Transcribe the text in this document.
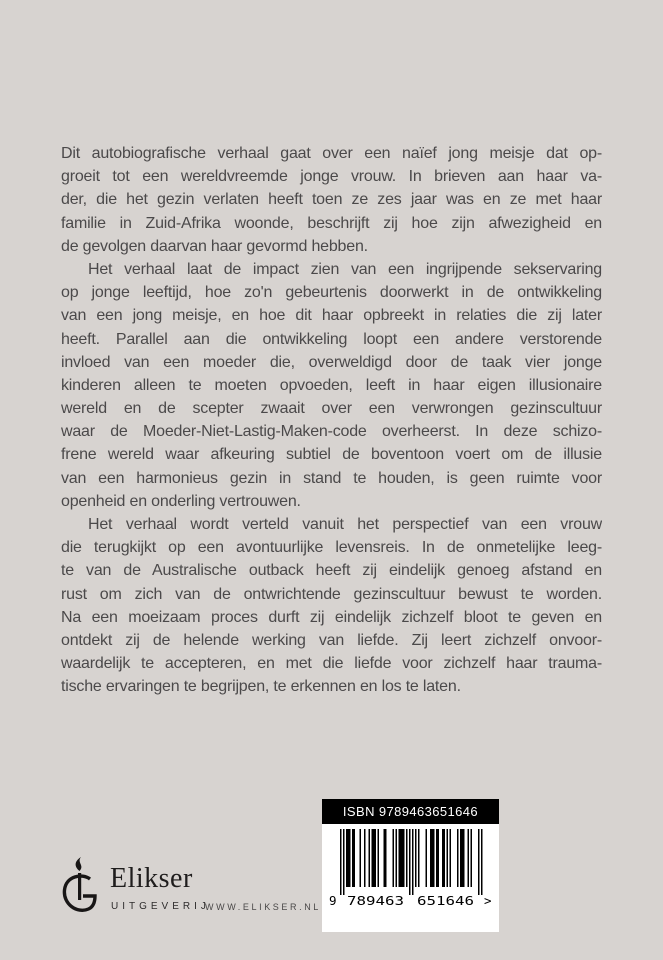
Dit autobiografische verhaal gaat over een naïef jong meisje dat op-
groeit tot een wereldvreemde jonge vrouw. In brieven aan haar va-
der, die het gezin verlaten heeft toen ze zes jaar was en ze met haar
familie in Zuid-Afrika woonde, beschrijft zij hoe zijn afwezigheid en
de gevolgen daarvan haar gevormd hebben.
Het verhaal laat de impact zien van een ingrijpende sekservaring
op jonge leeftijd, hoe zo'n gebeurtenis doorwerkt in de ontwikkeling
van een jong meisje, en hoe dit haar opbreekt in relaties die zij later
heeft. Parallel aan die ontwikkeling loopt een andere verstorende
invloed van een moeder die, overweldigd door de taak vier jonge
kinderen alleen te moeten opvoeden, leeft in haar eigen illusionaire
wereld en de scepter zwaait over een verwrongen gezinscultuur
waar de Moeder-Niet-Lastig-Maken-code overheerst. In deze schizo-
frene wereld waar afkeuring subtiel de boventoon voert om de illusie
van een harmonieus gezin in stand te houden, is geen ruimte voor
openheid en onderling vertrouwen.
Het verhaal wordt verteld vanuit het perspectief van een vrouw
die terugkijkt op een avontuurlijke levensreis. In de onmetelijke leeg-
te van de Australische outback heeft zij eindelijk genoeg afstand en
rust om zich van de ontwrichtende gezinscultuur bewust te worden.
Na een moeizaam proces durft zij eindelijk zichzelf bloot te geven en
ontdekt zij de helende werking van liefde. Zij leert zichzelf onvoor-
waardelijk te accepteren, en met die liefde voor zichzelf haar trauma-
tische ervaringen te begrijpen, te erkennen en los te laten.
ISBN 9789463651646
9 789463 651646 >
Elikser
UITGEVERIJ
WWW.ELIKSER.NL
